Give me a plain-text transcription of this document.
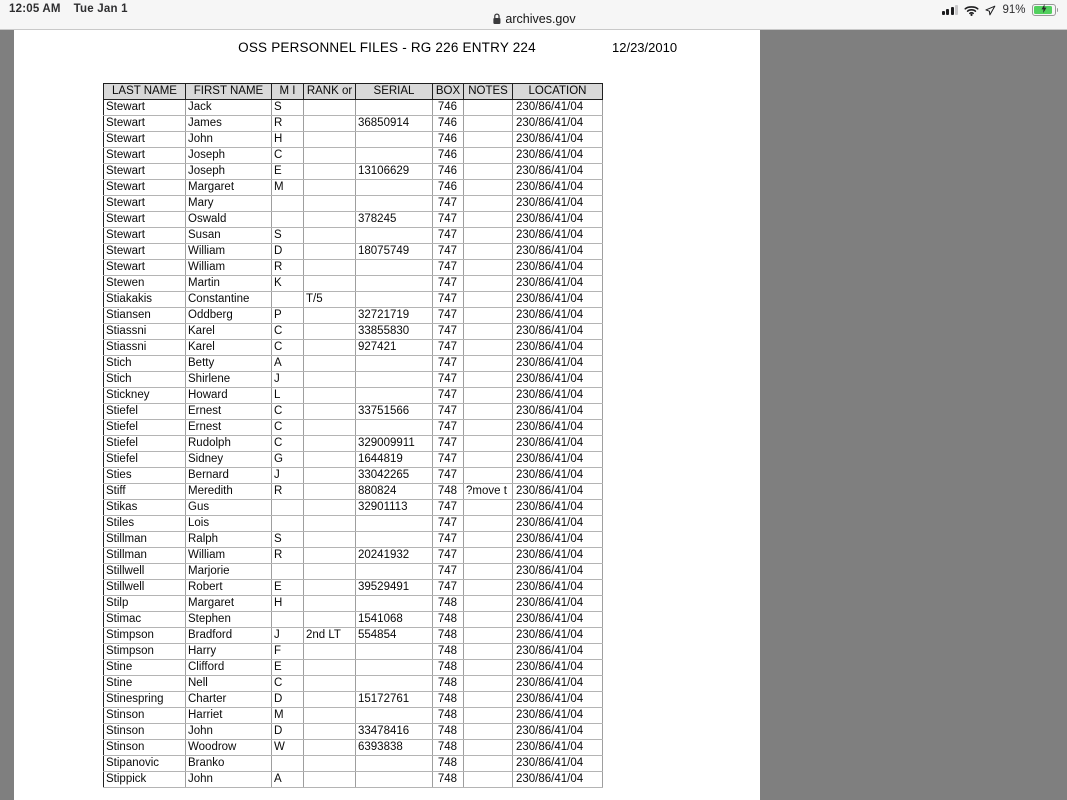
12:05 AM Tue Jan 1
archives.gov
91%
OSS PERSONNEL FILES - RG 226 ENTRY 224	12/23/2010
LAST NAME	FIRST NAME	M I	RANK or	SERIAL	BOX	NOTES	LOCATION
Stewart	Jack	S			746		230/86/41/04
Stewart	James	R		36850914	746		230/86/41/04
Stewart	John	H			746		230/86/41/04
Stewart	Joseph	C			746		230/86/41/04
Stewart	Joseph	E		13106629	746		230/86/41/04
Stewart	Margaret	M			746		230/86/41/04
Stewart	Mary				747		230/86/41/04
Stewart	Oswald			378245	747		230/86/41/04
Stewart	Susan	S			747		230/86/41/04
Stewart	William	D		18075749	747		230/86/41/04
Stewart	William	R			747		230/86/41/04
Stewen	Martin	K			747		230/86/41/04
Stiakakis	Constantine		T/5		747		230/86/41/04
Stiansen	Oddberg	P		32721719	747		230/86/41/04
Stiassni	Karel	C		33855830	747		230/86/41/04
Stiassni	Karel	C		927421	747		230/86/41/04
Stich	Betty	A			747		230/86/41/04
Stich	Shirlene	J			747		230/86/41/04
Stickney	Howard	L			747		230/86/41/04
Stiefel	Ernest	C		33751566	747		230/86/41/04
Stiefel	Ernest	C			747		230/86/41/04
Stiefel	Rudolph	C		329009911	747		230/86/41/04
Stiefel	Sidney	G		1644819	747		230/86/41/04
Sties	Bernard	J		33042265	747		230/86/41/04
Stiff	Meredith	R		880824	748	?move t	230/86/41/04
Stikas	Gus			32901113	747		230/86/41/04
Stiles	Lois				747		230/86/41/04
Stillman	Ralph	S			747		230/86/41/04
Stillman	William	R		20241932	747		230/86/41/04
Stillwell	Marjorie				747		230/86/41/04
Stillwell	Robert	E		39529491	747		230/86/41/04
Stilp	Margaret	H			748		230/86/41/04
Stimac	Stephen			1541068	748		230/86/41/04
Stimpson	Bradford	J	2nd LT	554854	748		230/86/41/04
Stimpson	Harry	F			748		230/86/41/04
Stine	Clifford	E			748		230/86/41/04
Stine	Nell	C			748		230/86/41/04
Stinespring	Charter	D		15172761	748		230/86/41/04
Stinson	Harriet	M			748		230/86/41/04
Stinson	John	D		33478416	748		230/86/41/04
Stinson	Woodrow	W		6393838	748		230/86/41/04
Stipanovic	Branko				748		230/86/41/04
Stippick	John	A			748		230/86/41/04
